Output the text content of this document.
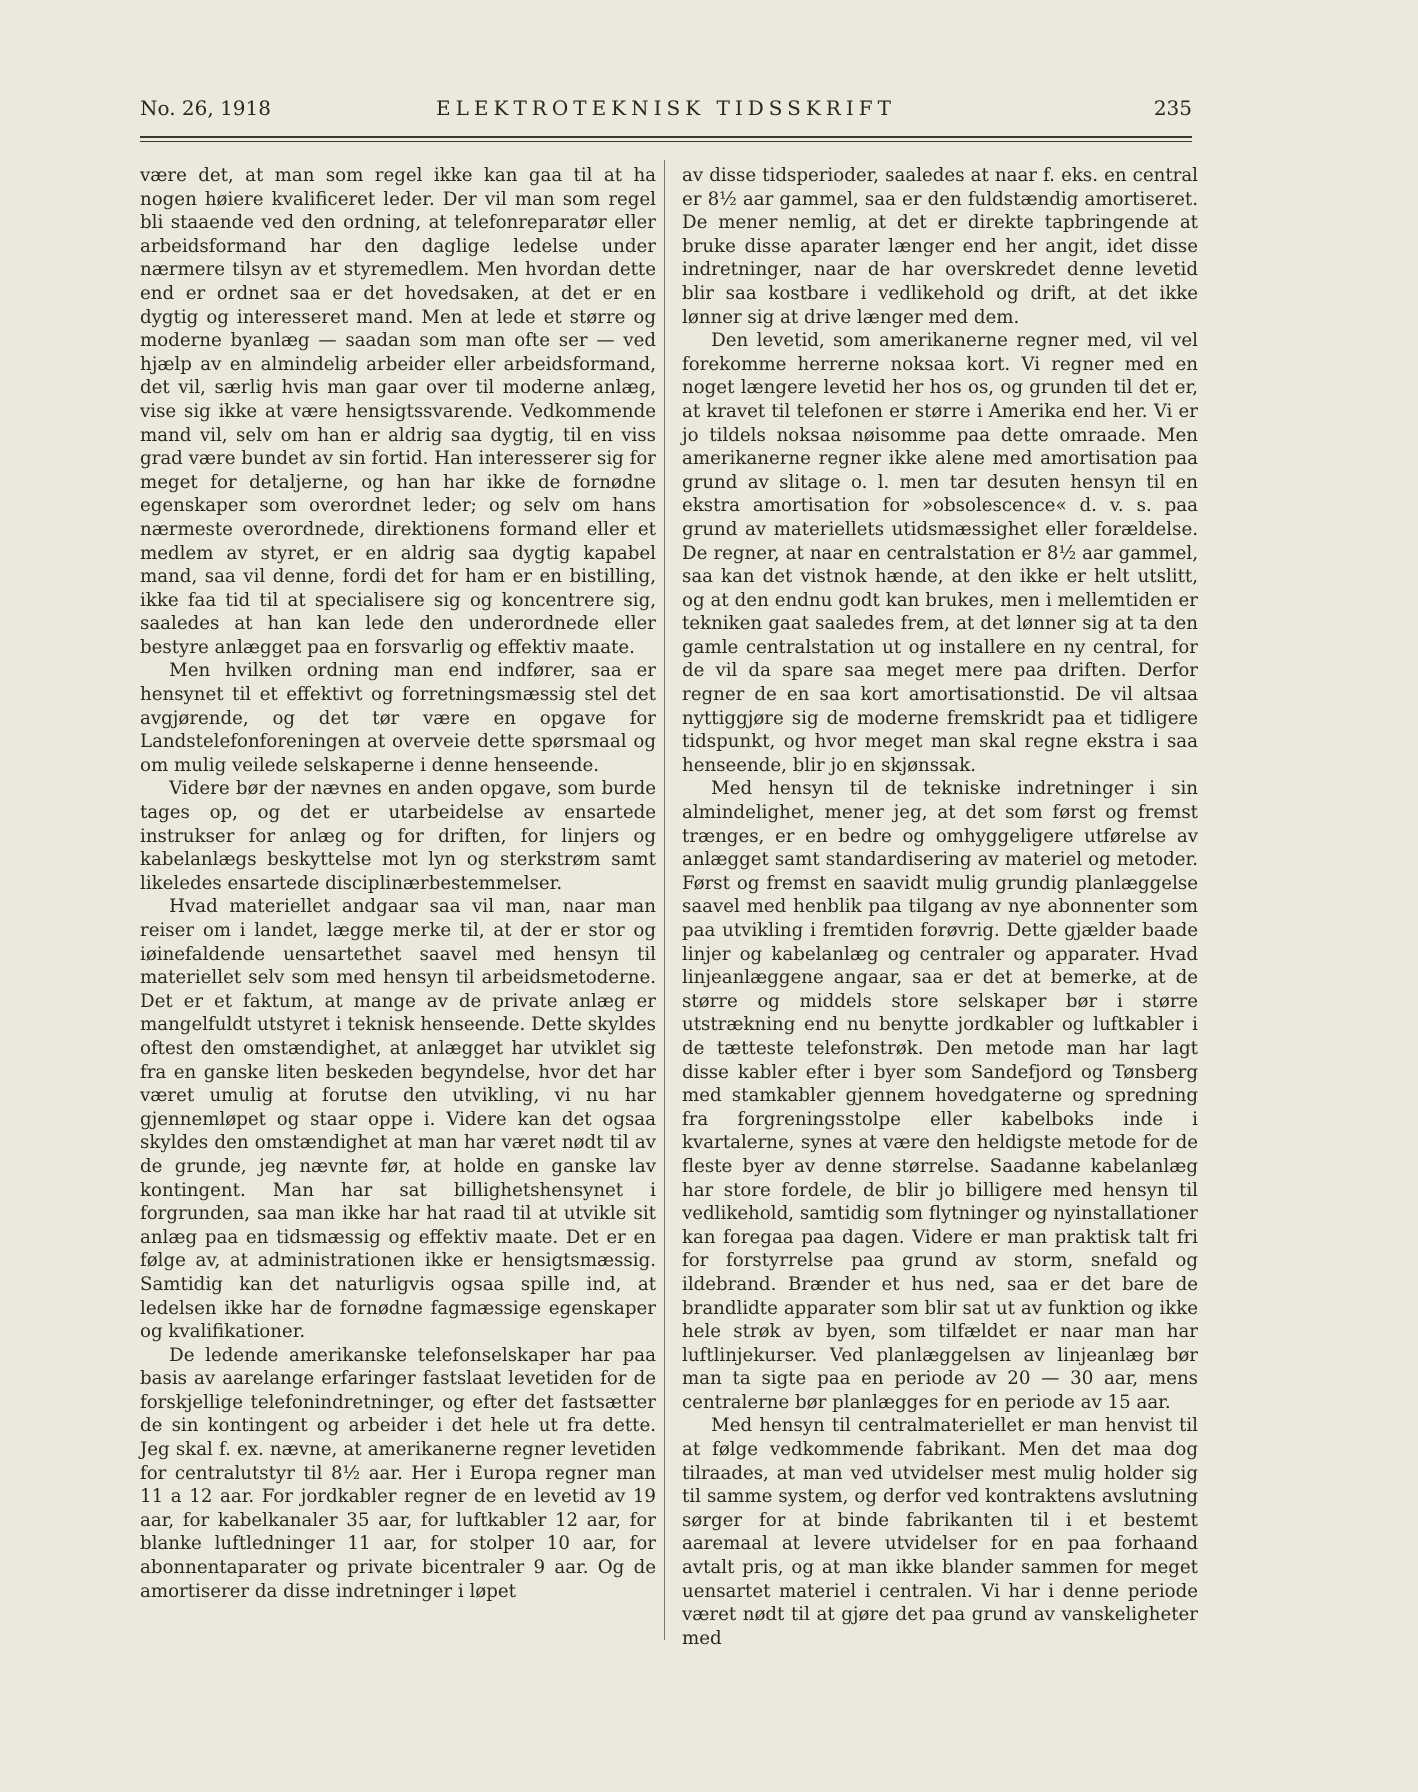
No. 26, 1918	ELEKTROTEKNISK TIDSSKRIFT	235

være det, at man som regel ikke kan gaa til at ha nogen høiere kvalificeret leder. Der vil man som regel bli staaende ved den ordning, at telefonreparatør eller arbeidsformand har den daglige ledelse under nærmere tilsyn av et styremedlem. Men hvordan dette end er ordnet saa er det hovedsaken, at det er en dygtig og interesseret mand. Men at lede et større og moderne byanlæg — saadan som man ofte ser — ved hjælp av en almindelig arbeider eller arbeidsformand, det vil, særlig hvis man gaar over til moderne anlæg, vise sig ikke at være hensigtssvarende. Vedkommende mand vil, selv om han er aldrig saa dygtig, til en viss grad være bundet av sin fortid. Han interesserer sig for meget for detaljerne, og han har ikke de fornødne egenskaper som overordnet leder; og selv om hans nærmeste overordnede, direktionens formand eller et medlem av styret, er en aldrig saa dygtig kapabel mand, saa vil denne, fordi det for ham er en bistilling, ikke faa tid til at specialisere sig og koncentrere sig, saaledes at han kan lede den underordnede eller bestyre anlægget paa en forsvarlig og effektiv maate.

Men hvilken ordning man end indfører, saa er hensynet til et effektivt og forretningsmæssig stel det avgjørende, og det tør være en opgave for Landstelefonforeningen at overveie dette spørsmaal og om mulig veilede selskaperne i denne henseende.

Videre bør der nævnes en anden opgave, som burde tages op, og det er utarbeidelse av ensartede instrukser for anlæg og for driften, for linjers og kabelanlægs beskyttelse mot lyn og sterkstrøm samt likeledes ensartede disciplinærbestemmelser.

Hvad materiellet andgaar saa vil man, naar man reiser om i landet, lægge merke til, at der er stor og iøinefaldende uensartethet saavel med hensyn til materiellet selv som med hensyn til arbeidsmetoderne. Det er et faktum, at mange av de private anlæg er mangelfuldt utstyret i teknisk henseende. Dette skyldes oftest den omstændighet, at anlægget har utviklet sig fra en ganske liten beskeden begyndelse, hvor det har været umulig at forutse den utvikling, vi nu har gjennemløpet og staar oppe i. Videre kan det ogsaa skyldes den omstændighet at man har været nødt til av de grunde, jeg nævnte før, at holde en ganske lav kontingent. Man har sat billighetshensynet i forgrunden, saa man ikke har hat raad til at utvikle sit anlæg paa en tidsmæssig og effektiv maate. Det er en følge av, at administrationen ikke er hensigtsmæssig. Samtidig kan det naturligvis ogsaa spille ind, at ledelsen ikke har de fornødne fagmæssige egenskaper og kvalifikationer.

De ledende amerikanske telefonselskaper har paa basis av aarelange erfaringer fastslaat levetiden for de forskjellige telefonindretninger, og efter det fastsætter de sin kontingent og arbeider i det hele ut fra dette. Jeg skal f. ex. nævne, at amerikanerne regner levetiden for centralutstyr til 8½ aar. Her i Europa regner man 11 a 12 aar. For jordkabler regner de en levetid av 19 aar, for kabelkanaler 35 aar, for luftkabler 12 aar, for blanke luftledninger 11 aar, for stolper 10 aar, for abonnentaparater og private bicentraler 9 aar. Og de amortiserer da disse indretninger i løpet

av disse tidsperioder, saaledes at naar f. eks. en central er 8½ aar gammel, saa er den fuldstændig amortiseret. De mener nemlig, at det er direkte tapbringende at bruke disse aparater længer end her angit, idet disse indretninger, naar de har overskredet denne levetid blir saa kostbare i vedlikehold og drift, at det ikke lønner sig at drive længer med dem.

Den levetid, som amerikanerne regner med, vil vel forekomme herrerne noksaa kort. Vi regner med en noget længere levetid her hos os, og grunden til det er, at kravet til telefonen er større i Amerika end her. Vi er jo tildels noksaa nøisomme paa dette omraade. Men amerikanerne regner ikke alene med amortisation paa grund av slitage o. l. men tar desuten hensyn til en ekstra amortisation for »obsolescence« d. v. s. paa grund av materiellets utidsmæssighet eller forældelse. De regner, at naar en centralstation er 8½ aar gammel, saa kan det vistnok hænde, at den ikke er helt utslitt, og at den endnu godt kan brukes, men i mellemtiden er tekniken gaat saaledes frem, at det lønner sig at ta den gamle centralstation ut og installere en ny central, for de vil da spare saa meget mere paa driften. Derfor regner de en saa kort amortisationstid. De vil altsaa nyttiggjøre sig de moderne fremskridt paa et tidligere tidspunkt, og hvor meget man skal regne ekstra i saa henseende, blir jo en skjønssak.

Med hensyn til de tekniske indretninger i sin almindelighet, mener jeg, at det som først og fremst trænges, er en bedre og omhyggeligere utførelse av anlægget samt standardisering av materiel og metoder. Først og fremst en saavidt mulig grundig planlæggelse saavel med henblik paa tilgang av nye abonnenter som paa utvikling i fremtiden forøvrig. Dette gjælder baade linjer og kabelanlæg og centraler og apparater. Hvad linjeanlæggene angaar, saa er det at bemerke, at de større og middels store selskaper bør i større utstrækning end nu benytte jordkabler og luftkabler i de tætteste telefonstrøk. Den metode man har lagt disse kabler efter i byer som Sandefjord og Tønsberg med stamkabler gjennem hovedgaterne og spredning fra forgreningsstolpe eller kabelboks inde i kvartalerne, synes at være den heldigste metode for de fleste byer av denne størrelse. Saadanne kabelanlæg har store fordele, de blir jo billigere med hensyn til vedlikehold, samtidig som flytninger og nyinstallationer kan foregaa paa dagen. Videre er man praktisk talt fri for forstyrrelse paa grund av storm, snefald og ildebrand. Brænder et hus ned, saa er det bare de brandlidte apparater som blir sat ut av funktion og ikke hele strøk av byen, som tilfældet er naar man har luftlinjekurser. Ved planlæggelsen av linjeanlæg bør man ta sigte paa en periode av 20 — 30 aar, mens centralerne bør planlægges for en periode av 15 aar.

Med hensyn til centralmateriellet er man henvist til at følge vedkommende fabrikant. Men det maa dog tilraades, at man ved utvidelser mest mulig holder sig til samme system, og derfor ved kontraktens avslutning sørger for at binde fabrikanten til i et bestemt aaremaal at levere utvidelser for en paa forhaand avtalt pris, og at man ikke blander sammen for meget uensartet materiel i centralen. Vi har i denne periode været nødt til at gjøre det paa grund av vanskeligheter med
